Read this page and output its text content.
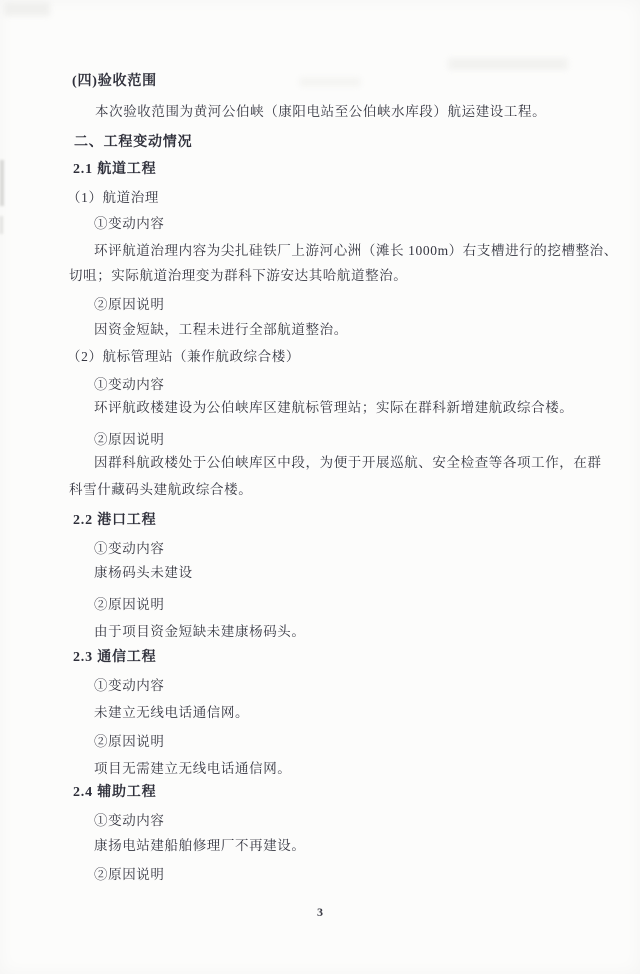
(四)验收范围
本次验收范围为黄河公伯峡（康阳电站至公伯峡水库段）航运建设工程。
二、工程变动情况
2.1 航道工程
（1）航道治理
①变动内容
环评航道治理内容为尖扎硅铁厂上游河心洲（滩长 1000m）右支槽进行的挖槽整治、
切咀；实际航道治理变为群科下游安达其哈航道整治。
②原因说明
因资金短缺，工程未进行全部航道整治。
（2）航标管理站（兼作航政综合楼）
①变动内容
环评航政楼建设为公伯峡库区建航标管理站；实际在群科新增建航政综合楼。
②原因说明
因群科航政楼处于公伯峡库区中段，为便于开展巡航、安全检查等各项工作，在群
科雪什藏码头建航政综合楼。
2.2 港口工程
①变动内容
康杨码头未建设
②原因说明
由于项目资金短缺未建康杨码头。
2.3 通信工程
①变动内容
未建立无线电话通信网。
②原因说明
项目无需建立无线电话通信网。
2.4 辅助工程
①变动内容
康扬电站建船舶修理厂不再建设。
②原因说明
3
